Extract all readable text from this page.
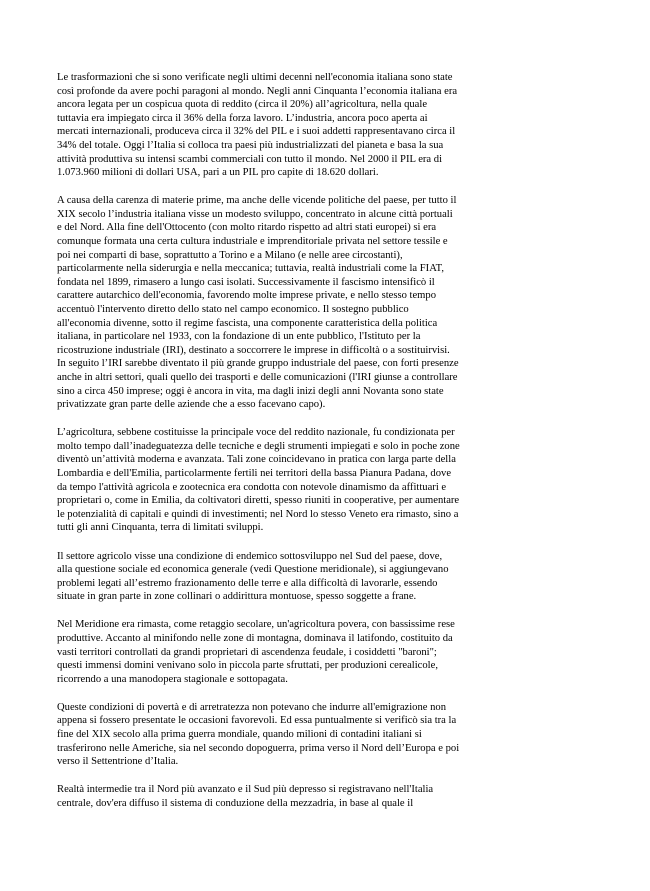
Le trasformazioni che si sono verificate negli ultimi decenni nell'economia italiana sono state
così profonde da avere pochi paragoni al mondo. Negli anni Cinquanta l’economia italiana era
ancora legata per un cospicua quota di reddito (circa il 20%) all’agricoltura, nella quale
tuttavia era impiegato circa il 36% della forza lavoro. L’industria, ancora poco aperta ai
mercati internazionali, produceva circa il 32% del PIL e i suoi addetti rappresentavano circa il
34% del totale. Oggi l’Italia si colloca tra paesi più industrializzati del pianeta e basa la sua
attività produttiva su intensi scambi commerciali con tutto il mondo. Nel 2000 il PIL era di
1.073.960 milioni di dollari USA, pari a un PIL pro capite di 18.620 dollari.
A causa della carenza di materie prime, ma anche delle vicende politiche del paese, per tutto il
XIX secolo l’industria italiana visse un modesto sviluppo, concentrato in alcune città portuali
e del Nord. Alla fine dell'Ottocento (con molto ritardo rispetto ad altri stati europei) si era
comunque formata una certa cultura industriale e imprenditoriale privata nel settore tessile e
poi nei comparti di base, soprattutto a Torino e a Milano (e nelle aree circostanti),
particolarmente nella siderurgia e nella meccanica; tuttavia, realtà industriali come la FIAT,
fondata nel 1899, rimasero a lungo casi isolati. Successivamente il fascismo intensificò il
carattere autarchico dell'economia, favorendo molte imprese private, e nello stesso tempo
accentuò l'intervento diretto dello stato nel campo economico. Il sostegno pubblico
all'economia divenne, sotto il regime fascista, una componente caratteristica della politica
italiana, in particolare nel 1933, con la fondazione di un ente pubblico, l'Istituto per la
ricostruzione industriale (IRI), destinato a soccorrere le imprese in difficoltà o a sostituirvisi.
In seguito l’IRI sarebbe diventato il più grande gruppo industriale del paese, con forti presenze
anche in altri settori, quali quello dei trasporti e delle comunicazioni (l'IRI giunse a controllare
sino a circa 450 imprese; oggi è ancora in vita, ma dagli inizi degli anni Novanta sono state
privatizzate gran parte delle aziende che a esso facevano capo).
L’agricoltura, sebbene costituisse la principale voce del reddito nazionale, fu condizionata per
molto tempo dall’inadeguatezza delle tecniche e degli strumenti impiegati e solo in poche zone
diventò un’attività moderna e avanzata. Tali zone coincidevano in pratica con larga parte della
Lombardia e dell'Emilia, particolarmente fertili nei territori della bassa Pianura Padana, dove
da tempo l'attività agricola e zootecnica era condotta con notevole dinamismo da affittuari e
proprietari o, come in Emilia, da coltivatori diretti, spesso riuniti in cooperative, per aumentare
le potenzialità di capitali e quindi di investimenti; nel Nord lo stesso Veneto era rimasto, sino a
tutti gli anni Cinquanta, terra di limitati sviluppi.
Il settore agricolo visse una condizione di endemico sottosviluppo nel Sud del paese, dove,
alla questione sociale ed economica generale (vedi Questione meridionale), si aggiungevano
problemi legati all’estremo frazionamento delle terre e alla difficoltà di lavorarle, essendo
situate in gran parte in zone collinari o addirittura montuose, spesso soggette a frane.
Nel Meridione era rimasta, come retaggio secolare, un'agricoltura povera, con bassissime rese
produttive. Accanto al minifondo nelle zone di montagna, dominava il latifondo, costituito da
vasti territori controllati da grandi proprietari di ascendenza feudale, i cosiddetti "baroni";
questi immensi domini venivano solo in piccola parte sfruttati, per produzioni cerealicole,
ricorrendo a una manodopera stagionale e sottopagata.
Queste condizioni di povertà e di arretratezza non potevano che indurre all'emigrazione non
appena si fossero presentate le occasioni favorevoli. Ed essa puntualmente si verificò sia tra la
fine del XIX secolo alla prima guerra mondiale, quando milioni di contadini italiani si
trasferirono nelle Americhe, sia nel secondo dopoguerra, prima verso il Nord dell’Europa e poi
verso il Settentrione d’Italia.
Realtà intermedie tra il Nord più avanzato e il Sud più depresso si registravano nell'Italia
centrale, dov'era diffuso il sistema di conduzione della mezzadria, in base al quale il
